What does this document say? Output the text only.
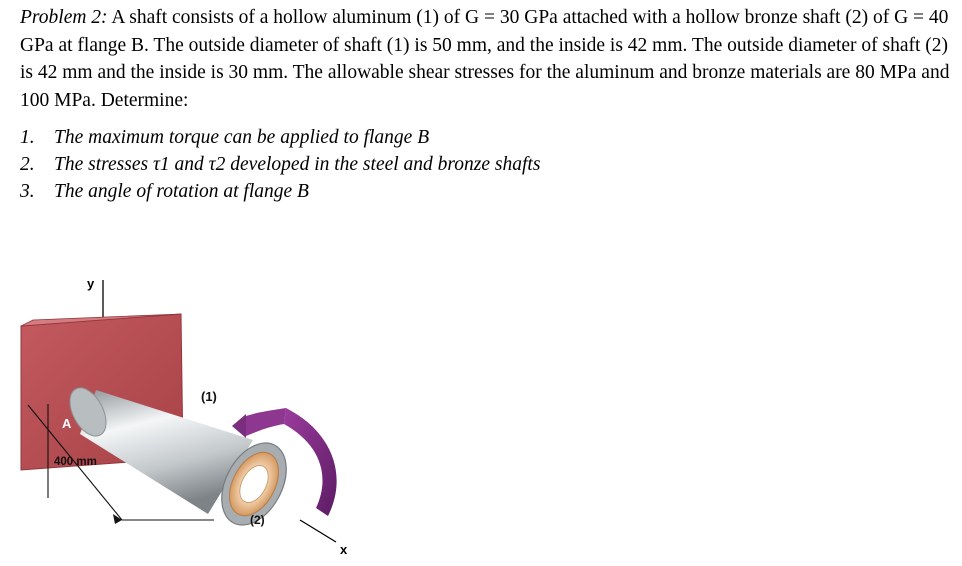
Problem 2: A shaft consists of a hollow aluminum (1) of G = 30 GPa attached with a hollow bronze shaft (2) of G = 40 GPa at flange B. The outside diameter of shaft (1) is 50 mm, and the inside is 42 mm. The outside diameter of shaft (2) is 42 mm and the inside is 30 mm. The allowable shear stresses for the aluminum and bronze materials are 80 MPa and 100 MPa. Determine:
1. The maximum torque can be applied to flange B
2. The stresses τ1 and τ2 developed in the steel and bronze shafts
3. The angle of rotation at flange B
y
x
A
400 mm
(1)
(2)
